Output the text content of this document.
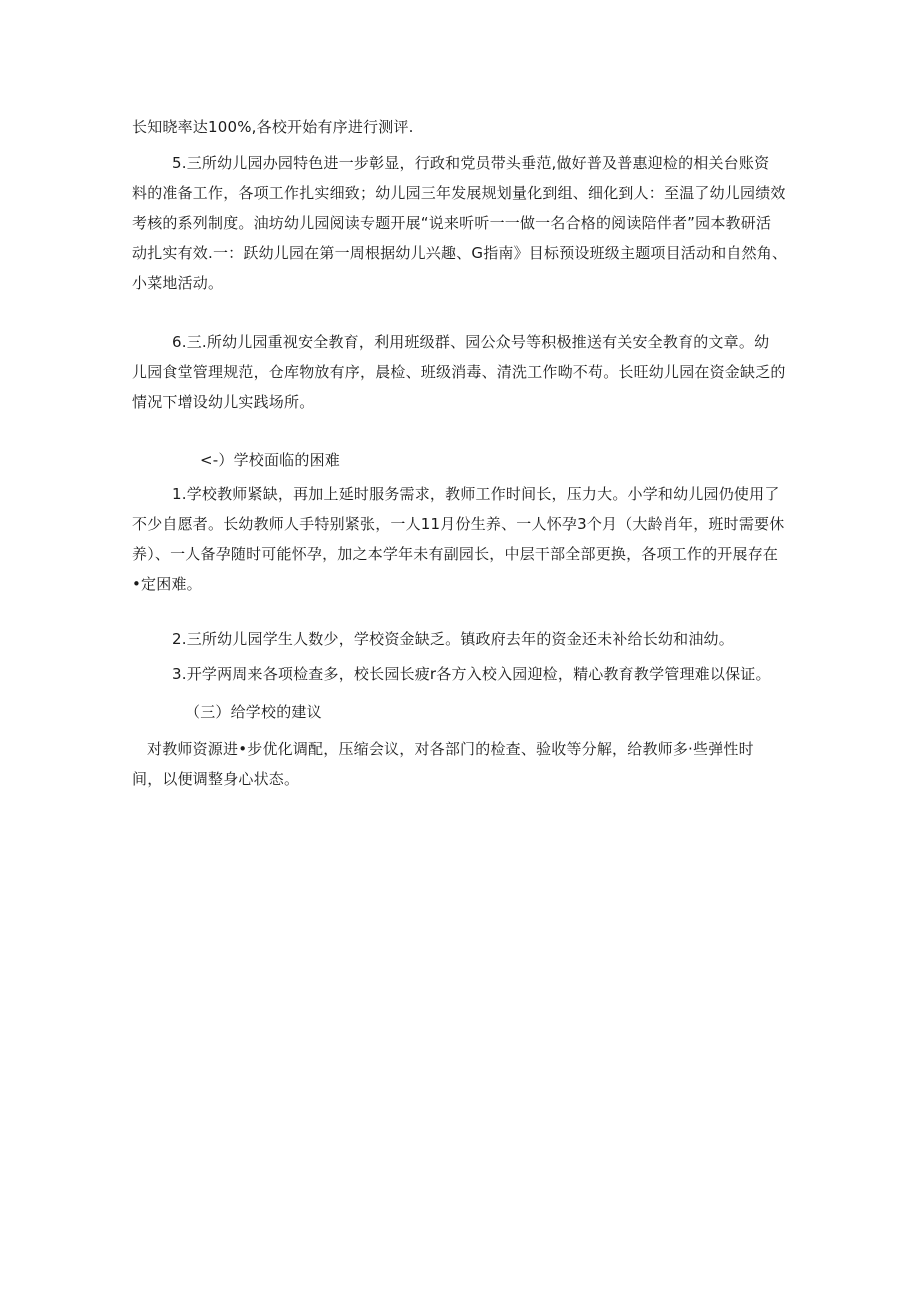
长知晓率达100%,各校开始有序进行测评.
5.三所幼儿园办园特色进一步彰显，行政和党员带头垂范,做好普及普惠迎检的相关台账资
料的准备工作，各项工作扎实细致；幼儿园三年发展规划量化到组、细化到人：至温了幼儿园绩效
考核的系列制度。油坊幼儿园阅读专题开展“说来听听一一做一名合格的阅读陪伴者”园本教研活
动扎实有效.一：跃幼儿园在第一周根据幼儿兴趣、G指南》目标预设班级主题项目活动和自然角、
小菜地活动。
6.三.所幼儿园重视安全教育，利用班级群、园公众号等积极推送有关安全教育的文章。幼
儿园食堂管理规范，仓库物放有序，晨检、班级消毒、清洗工作呦不苟。长旺幼儿园在资金缺乏的
情况下增设幼儿实践场所。
<-）学校面临的困难
1.学校教师紧缺，再加上延时服务需求，教师工作时间长，压力大。小学和幼儿园仍使用了
不少自愿者。长幼教师人手特别紧张，一人11月份生养、一人怀孕3个月（大龄肖年，班时需要休
养）、一人备孕随时可能怀孕，加之本学年未有副园长，中层干部全部更换，各项工作的开展存在
•定困难。
2.三所幼儿园学生人数少，学校资金缺乏。镇政府去年的资金还未补给长幼和油幼。
3.开学两周来各项检查多，校长园长疲r各方入校入园迎检，精心教育教学管理难以保证。
（三）给学校的建议
对教师资源进•步优化调配，压缩会议，对各部门的检查、验收等分解，给教师多·些弹性时
间，以便调整身心状态。
